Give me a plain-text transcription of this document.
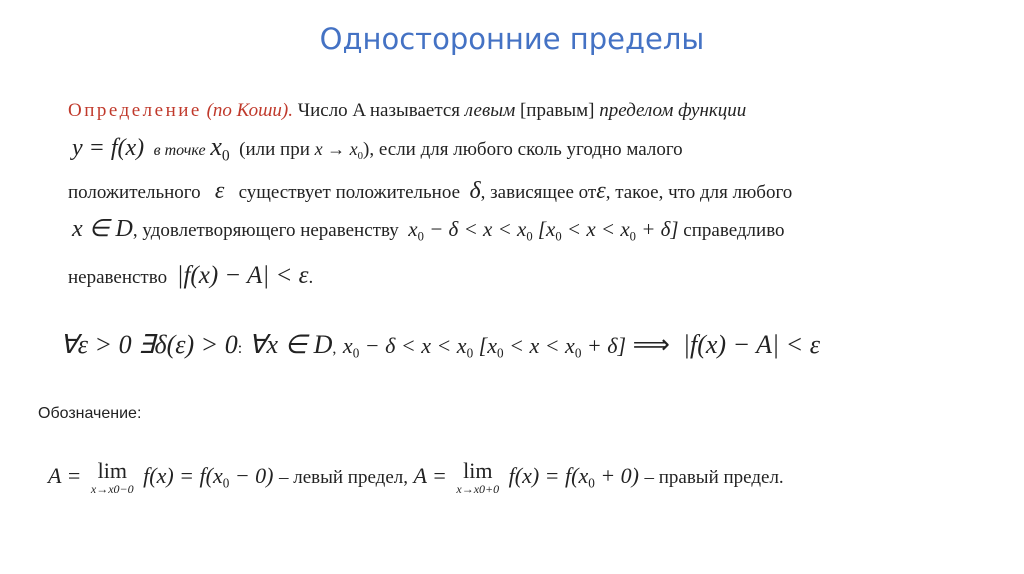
Односторонние пределы
Определение (по Коши). Число A называется левым [правым] пределом функции
y = f(x) в точке $x_0$ (или при $x \to x_0$), если для любого сколь угодно малого
положительного ε существует положительное δ, зависящее отε, такое, что для любого
x ∈ D, удовлетворяющего неравенству $x_0 - \delta < x < x_0$ $[x_0 < x < x_0 + \delta]$ справедливо
неравенство |f(x) − A| < ε.
∀ε > 0 ∃δ(ε) > 0: ∀x ∈ D, $x_0 - \delta < x < x_0$ $[x_0 < x < x_0 + \delta]$ ⟹ |f(x) − A| < ε
Обозначение:
A = lim
x→x0−0
$f(x) = f(x_0 - 0)$ – левый предел, A = lim
x→x0+0
$f(x) = f(x_0 + 0)$ – правый предел.
